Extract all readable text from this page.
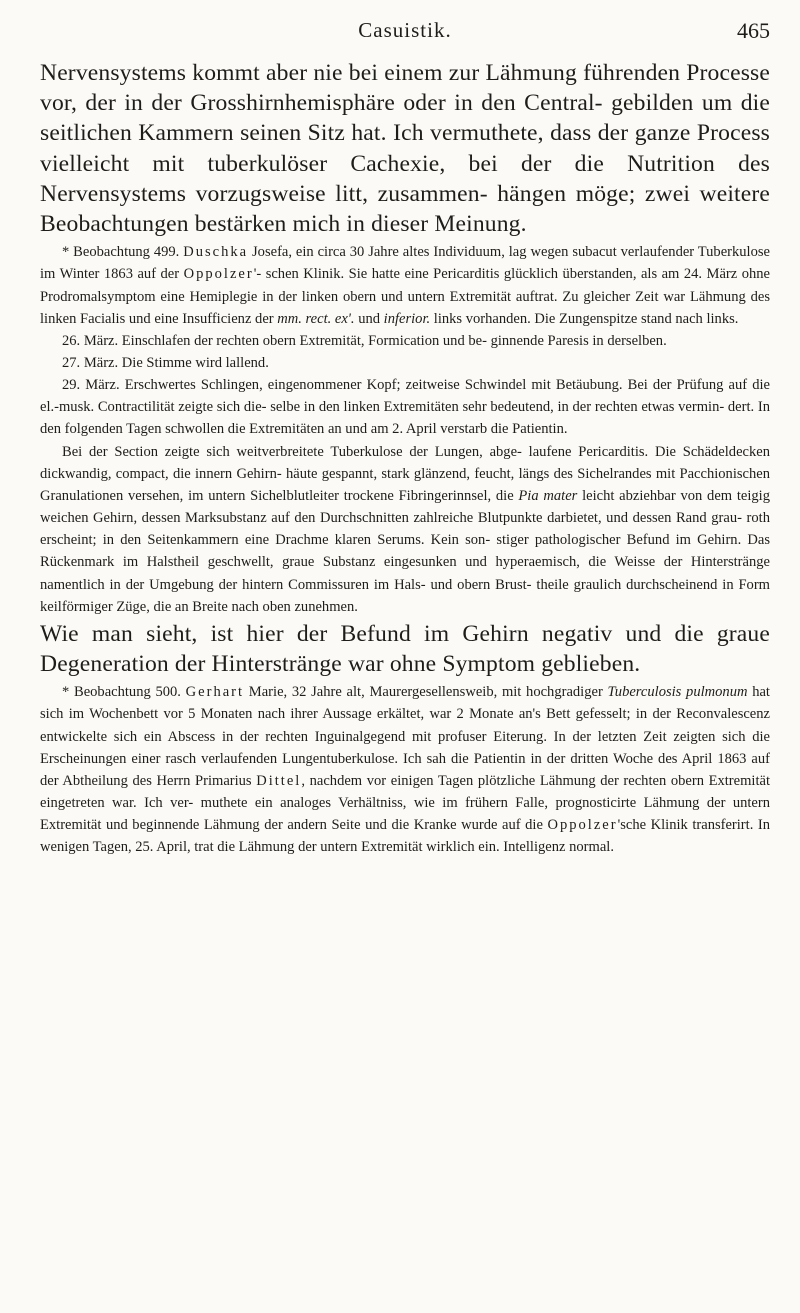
Casuistik.	465

Nervensystems kommt aber nie bei einem zur Lähmung führenden Processe vor, der in der Grosshirnhemisphäre oder in den Central- gebilden um die seitlichen Kammern seinen Sitz hat. Ich vermuthete, dass der ganze Process vielleicht mit tuberkulöser Cachexie, bei der die Nutrition des Nervensystems vorzugsweise litt, zusammen- hängen möge; zwei weitere Beobachtungen bestärken mich in dieser Meinung.

* Beobachtung 499. Duschka Josefa, ein circa 30 Jahre altes Individuum, lag wegen subacut verlaufender Tuberkulose im Winter 1863 auf der Oppolzer'- schen Klinik. Sie hatte eine Pericarditis glücklich überstanden, als am 24. März ohne Prodromalsymptom eine Hemiplegie in der linken obern und untern Extremität auftrat. Zu gleicher Zeit war Lähmung des linken Facialis und eine Insufficienz der mm. rect. ex'. und inferior. links vorhanden. Die Zungenspitze stand nach links.

26. März. Einschlafen der rechten obern Extremität, Formication und be- ginnende Paresis in derselben.

27. März. Die Stimme wird lallend.

29. März. Erschwertes Schlingen, eingenommener Kopf; zeitweise Schwindel mit Betäubung. Bei der Prüfung auf die el.-musk. Contractilität zeigte sich die- selbe in den linken Extremitäten sehr bedeutend, in der rechten etwas vermin- dert. In den folgenden Tagen schwollen die Extremitäten an und am 2. April verstarb die Patientin.

Bei der Section zeigte sich weitverbreitete Tuberkulose der Lungen, abge- laufene Pericarditis. Die Schädeldecken dickwandig, compact, die innern Gehirn- häute gespannt, stark glänzend, feucht, längs des Sichelrandes mit Pacchionischen Granulationen versehen, im untern Sichelblutleiter trockene Fibringerinnsel, die Pia mater leicht abziehbar von dem teigig weichen Gehirn, dessen Marksubstanz auf den Durchschnitten zahlreiche Blutpunkte darbietet, und dessen Rand grau- roth erscheint; in den Seitenkammern eine Drachme klaren Serums. Kein son- stiger pathologischer Befund im Gehirn. Das Rückenmark im Halstheil geschwellt, graue Substanz eingesunken und hyperaemisch, die Weisse der Hinterstränge namentlich in der Umgebung der hintern Commissuren im Hals- und obern Brust- theile graulich durchscheinend in Form keilförmiger Züge, die an Breite nach oben zunehmen.

Wie man sieht, ist hier der Befund im Gehirn negativ und die graue Degeneration der Hinterstränge war ohne Symptom geblieben.

* Beobachtung 500. Gerhart Marie, 32 Jahre alt, Maurergesellensweib, mit hochgradiger Tuberculosis pulmonum hat sich im Wochenbett vor 5 Monaten nach ihrer Aussage erkältet, war 2 Monate an's Bett gefesselt; in der Reconvalescenz entwickelte sich ein Abscess in der rechten Inguinalgegend mit profuser Eiterung. In der letzten Zeit zeigten sich die Erscheinungen einer rasch verlaufenden Lungentuberkulose. Ich sah die Patientin in der dritten Woche des April 1863 auf der Abtheilung des Herrn Primarius Dittel, nachdem vor einigen Tagen plötzliche Lähmung der rechten obern Extremität eingetreten war. Ich ver- muthete ein analoges Verhältniss, wie im frühern Falle, prognosticirte Lähmung der untern Extremität und beginnende Lähmung der andern Seite und die Kranke wurde auf die Oppolzer'sche Klinik transferirt. In wenigen Tagen, 25. April, trat die Lähmung der untern Extremität wirklich ein. Intelligenz normal.
